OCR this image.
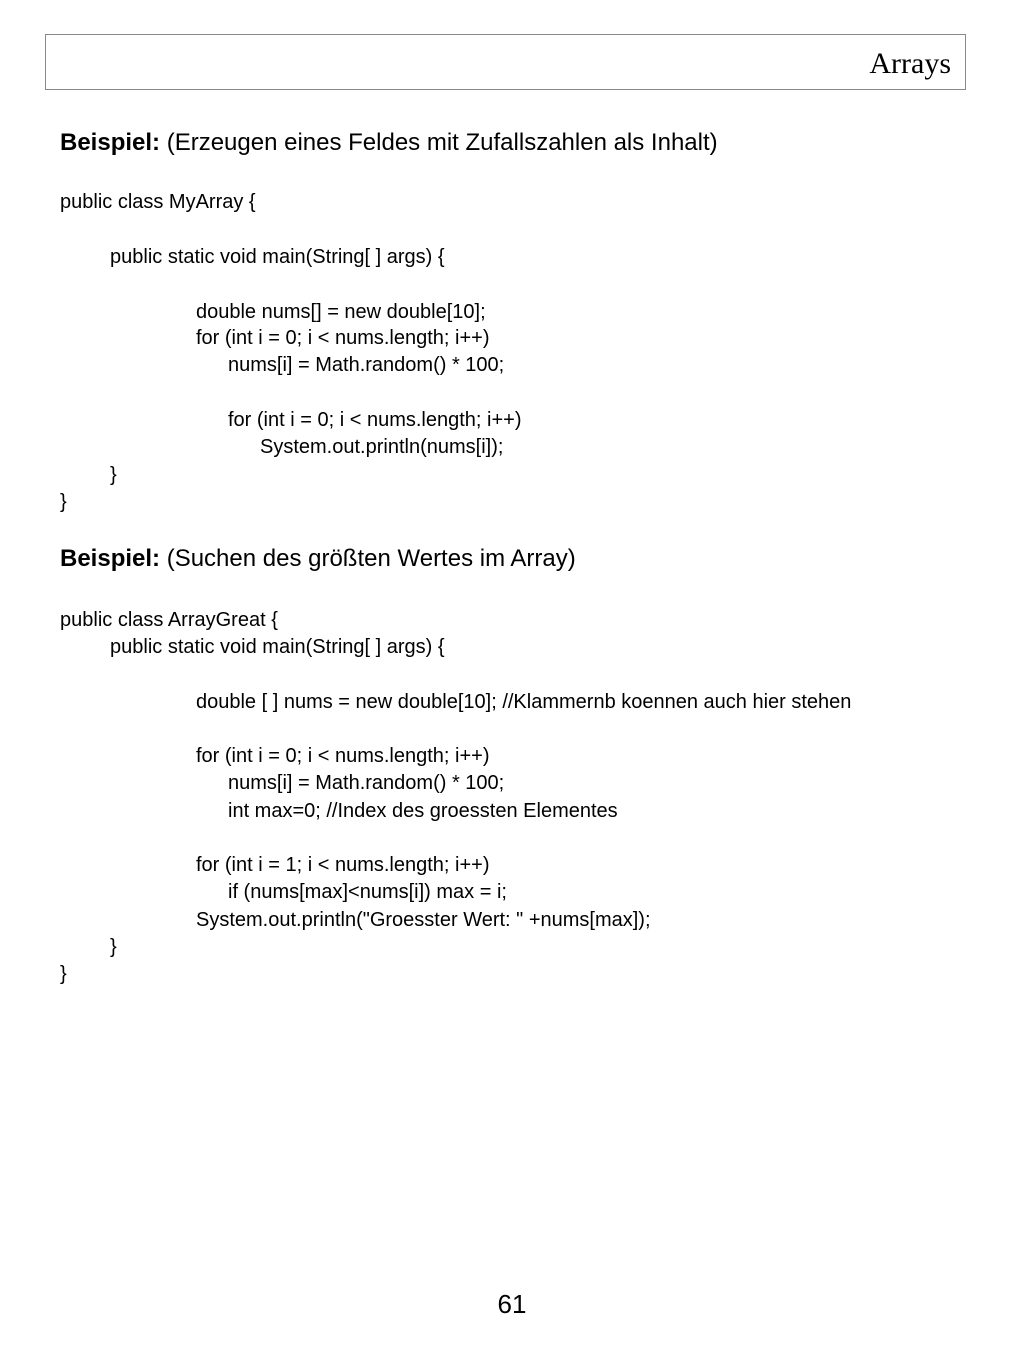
Arrays
Beispiel: (Erzeugen eines Feldes mit Zufallszahlen als Inhalt)
public class MyArray {
public static void main(String[ ] args) {
double nums[] = new double[10];
for (int i = 0; i < nums.length; i++)
nums[i] = Math.random() * 100;
for (int i = 0; i < nums.length; i++)
System.out.println(nums[i]);
}
}
Beispiel: (Suchen des größten Wertes im Array)
public class ArrayGreat {
public static void main(String[ ] args) {
double [ ] nums = new double[10]; //Klammernb koennen auch hier stehen
for (int i = 0; i < nums.length; i++)
nums[i] = Math.random() * 100;
int max=0; //Index des groessten Elementes
for (int i = 1; i < nums.length; i++)
if (nums[max]<nums[i]) max = i;
System.out.println("Groesster Wert: " +nums[max]);
}
}
61
